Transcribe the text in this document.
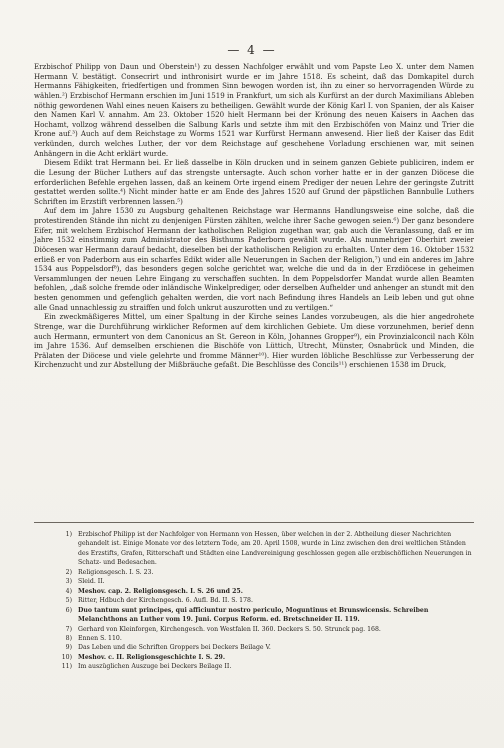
— 4 —

Erzbischof Philipp von Daun und Oberstein¹) zu dessen Nachfolger erwählt und vom Papste Leo X. unter dem Namen Hermann V. bestätigt. Consecrirt und inthronisirt wurde er im Jahre 1518. Es scheint, daß das Domkapitel durch Hermanns Fähigkeiten, friedfertigen und frommen Sinn bewogen worden ist, ihn zu einer so hervorragenden Würde zu wählen.²) Erzbischof Hermann erschien im Juni 1519 in Frankfurt, um sich als Kurfürst an der durch Maximilians Ableben nöthig gewordenen Wahl eines neuen Kaisers zu betheiligen. Gewählt wurde der König Karl I. von Spanien, der als Kaiser den Namen Karl V. annahm. Am 23. Oktober 1520 hielt Hermann bei der Krönung des neuen Kaisers in Aachen das Hochamt, vollzog während desselben die Salbung Karls und setzte ihm mit den Erzbischöfen von Mainz und Trier die Krone auf.³) Auch auf dem Reichstage zu Worms 1521 war Kurfürst Hermann anwesend. Hier ließ der Kaiser das Edit verkünden, durch welches Luther, der vor dem Reichstage auf geschehene Vorladung erschienen war, mit seinen Anhängern in die Acht erklärt wurde.

Diesem Edikt trat Hermann bei. Er ließ dasselbe in Köln drucken und in seinem ganzen Gebiete publiciren, indem er die Lesung der Bücher Luthers auf das strengste untersagte. Auch schon vorher hatte er in der ganzen Diöcese die erforderlichen Befehle ergehen lassen, daß an keinem Orte irgend einem Prediger der neuen Lehre der geringste Zutritt gestattet werden sollte.⁴) Nicht minder hatte er am Ende des Jahres 1520 auf Grund der päpstlichen Bannbulle Luthers Schriften im Erzstift verbrennen lassen.⁵)

Auf dem im Jahre 1530 zu Augsburg gehaltenen Reichstage war Hermanns Handlungsweise eine solche, daß die protestirenden Stände ihn nicht zu denjenigen Fürsten zählten, welche ihrer Sache gewogen seien.⁶) Der ganz besondere Eifer, mit welchem Erzbischof Hermann der katholischen Religion zugethan war, gab auch die Veranlassung, daß er im Jahre 1532 einstimmig zum Administrator des Bisthums Paderborn gewählt wurde. Als nunmehriger Oberhirt zweier Diöcesen war Hermann darauf bedacht, dieselben bei der katholischen Religion zu erhalten. Unter dem 16. Oktober 1532 erließ er von Paderborn aus ein scharfes Edikt wider alle Neuerungen in Sachen der Religion,⁷) und ein anderes im Jahre 1534 aus Poppelsdorf⁸), das besonders gegen solche gerichtet war, welche die und da in der Erzdiöcese in geheimen Versammlungen der neuen Lehre Eingang zu verschaffen suchten. In dem Poppelsdorfer Mandat wurde allen Beamten befohlen, „daß solche fremde oder inländische Winkelprediger, oder derselben Aufhelder und anhenger an stundt mit den besten genommen und gefenglich gehalten werden, die vort nach Befindung ihres Handels an Leib leben und gut ohne alle Gnad unnachlessig zu straiffen und folch unkrut auszurotten und zu vertilgen.“

Ein zweckmäßigeres Mittel, um einer Spaltung in der Kirche seines Landes vorzubeugen, als die hier angedrohete Strenge, war die Durchführung wirklicher Reformen auf dem kirchlichen Gebiete. Um diese vorzunehmen, berief denn auch Hermann, ermuntert von dem Canonicus an St. Gereon in Köln, Johannes Gropper⁹), ein Provinzialconcil nach Köln im Jahre 1536. Auf demselben erschienen die Bischöfe von Lüttich, Utrecht, Münster, Osnabrück und Minden, die Prälaten der Diöcese und viele gelehrte und fromme Männer¹⁰). Hier wurden löbliche Beschlüsse zur Verbesserung der Kirchenzucht und zur Abstellung der Mißbräuche gefaßt. Die Beschlüsse des Concils¹¹) erschienen 1538 im Druck,

1) Erzbischof Philipp ist der Nachfolger von Hermann von Hessen, über welchen in der 2. Abtheilung dieser Nachrichten gehandelt ist. Einige Monate vor des letztern Tode, am 20. April 1508, wurde in Linz zwischen den drei weltlichen Ständen des Erzstifts, Grafen, Ritterschaft und Städten eine Landvereinigung geschlossen gegen alle erzbischöflichen Neuerungen in Schatz- und Bedesachen.
2) Religionsgesch. I. S. 23.
3) Sleid. II.
4) Meshov. cap. 2. Religionsgesch. I. S. 26 und 25.
5) Ritter, Hdbuch der Kirchengesch. 6. Aufl. Bd. II. S. 178.
6) Duo tantum sunt principes, qui afficiuntur nostro periculo, Moguntinus et Brunswicensis. Schreiben Melanchthons an Luther vom 19. Juni. Corpus Reform. ed. Bretschneider II. 119.
7) Gerhard von Kleinforgen, Kirchengesch. von Westfalen II. 360. Deckers S. 50. Strunck pag. 168.
8) Ennen S. 110.
9) Das Leben und die Schriften Groppers bei Deckers Beilage V.
10) Meshov. c. II. Religionsgeschichte I. S. 29.
11) Im auszüglichen Auszuge bei Deckers Beilage II.
